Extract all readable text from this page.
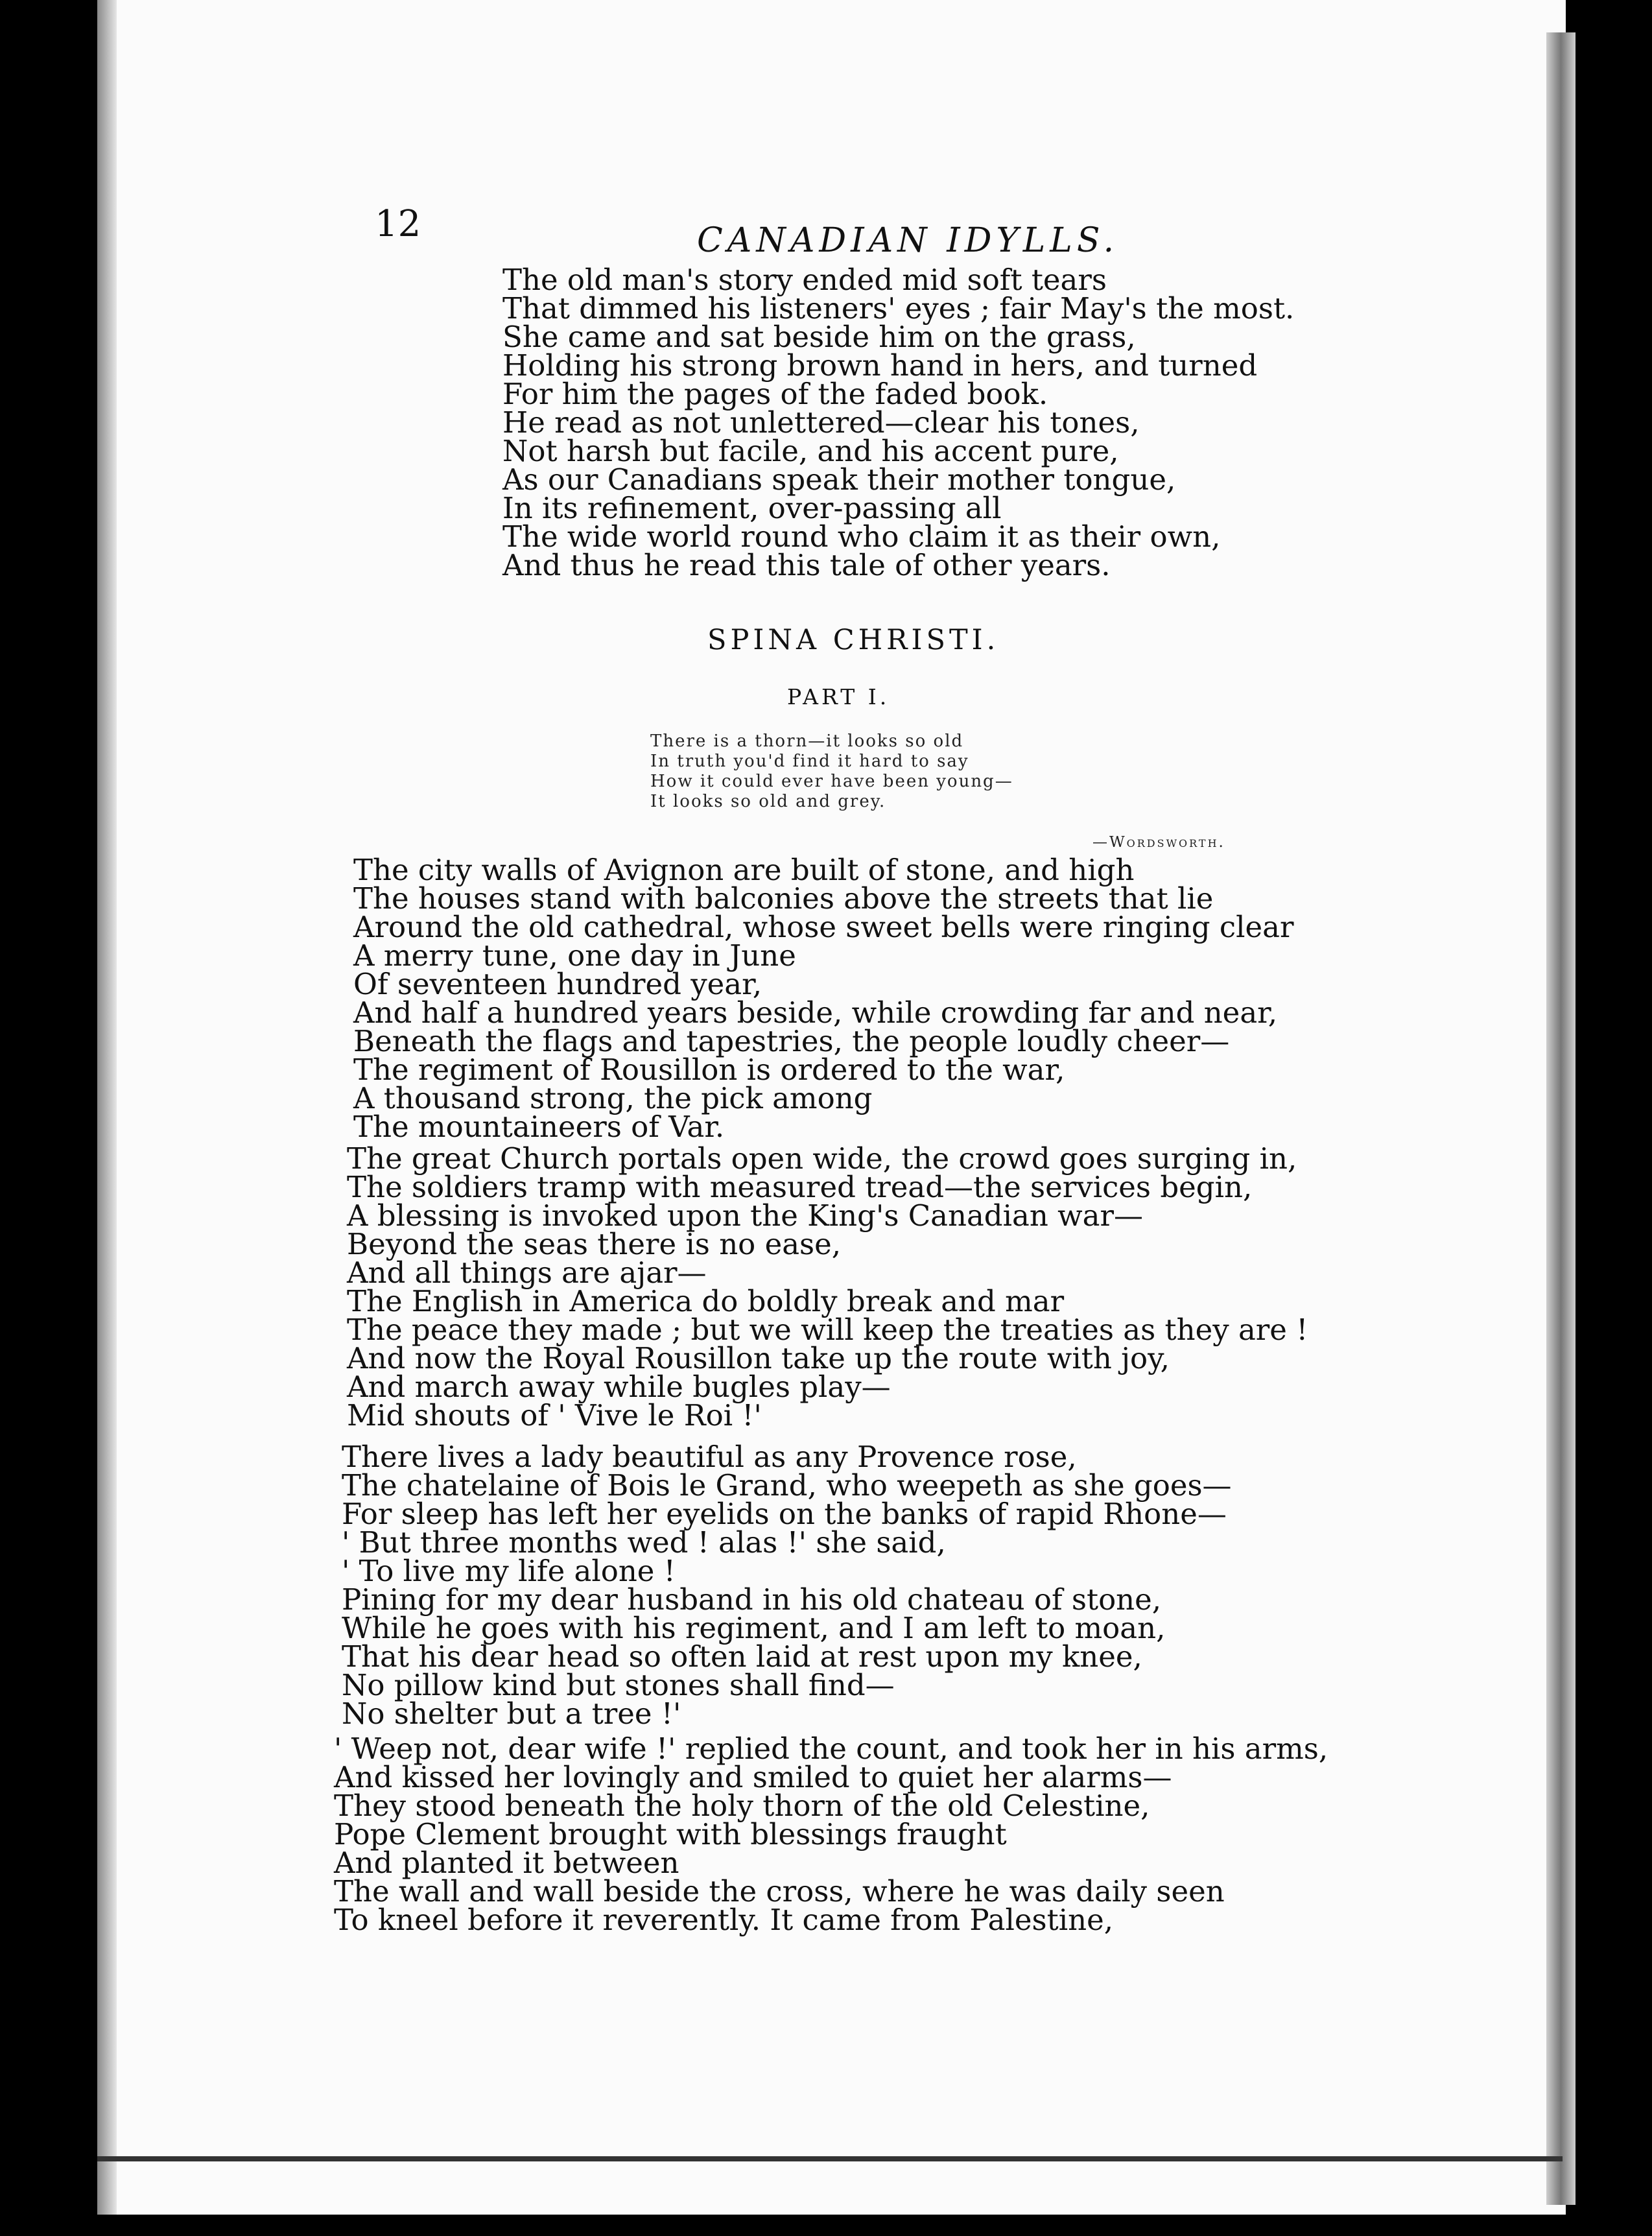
12	CANADIAN IDYLLS.
The old man's story ended mid soft tears
That dimmed his listeners' eyes ; fair May's the most.
She came and sat beside him on the grass,
Holding his strong brown hand in hers, and turned
For him the pages of the faded book.
He read as not unlettered—clear his tones,
Not harsh but facile, and his accent pure,
As our Canadians speak their mother tongue,
In its refinement, over-passing all
The wide world round who claim it as their own,
And thus he read this tale of other years.
SPINA CHRISTI.
PART I.
There is a thorn—it looks so old
In truth you'd find it hard to say
How it could ever have been young—
It looks so old and grey.
—Wordsworth.
The city walls of Avignon are built of stone, and high
The houses stand with balconies above the streets that lie
Around the old cathedral, whose sweet bells were ringing clear
A merry tune, one day in June
Of seventeen hundred year,
And half a hundred years beside, while crowding far and near,
Beneath the flags and tapestries, the people loudly cheer—
The regiment of Rousillon is ordered to the war,
A thousand strong, the pick among
The mountaineers of Var.
The great Church portals open wide, the crowd goes surging in,
The soldiers tramp with measured tread—the services begin,
A blessing is invoked upon the King's Canadian war—
Beyond the seas there is no ease,
And all things are ajar—
The English in America do boldly break and mar
The peace they made ; but we will keep the treaties as they are !
And now the Royal Rousillon take up the route with joy,
And march away while bugles play—
Mid shouts of ' Vive le Roi !'
There lives a lady beautiful as any Provence rose,
The chatelaine of Bois le Grand, who weepeth as she goes—
For sleep has left her eyelids on the banks of rapid Rhone—
' But three months wed ! alas !' she said,
' To live my life alone !
Pining for my dear husband in his old chateau of stone,
While he goes with his regiment, and I am left to moan,
That his dear head so often laid at rest upon my knee,
No pillow kind but stones shall find—
No shelter but a tree !'
' Weep not, dear wife !' replied the count, and took her in his arms,
And kissed her lovingly and smiled to quiet her alarms—
They stood beneath the holy thorn of the old Celestine,
Pope Clement brought with blessings fraught
And planted it between
The wall and wall beside the cross, where he was daily seen
To kneel before it reverently. It came from Palestine,
